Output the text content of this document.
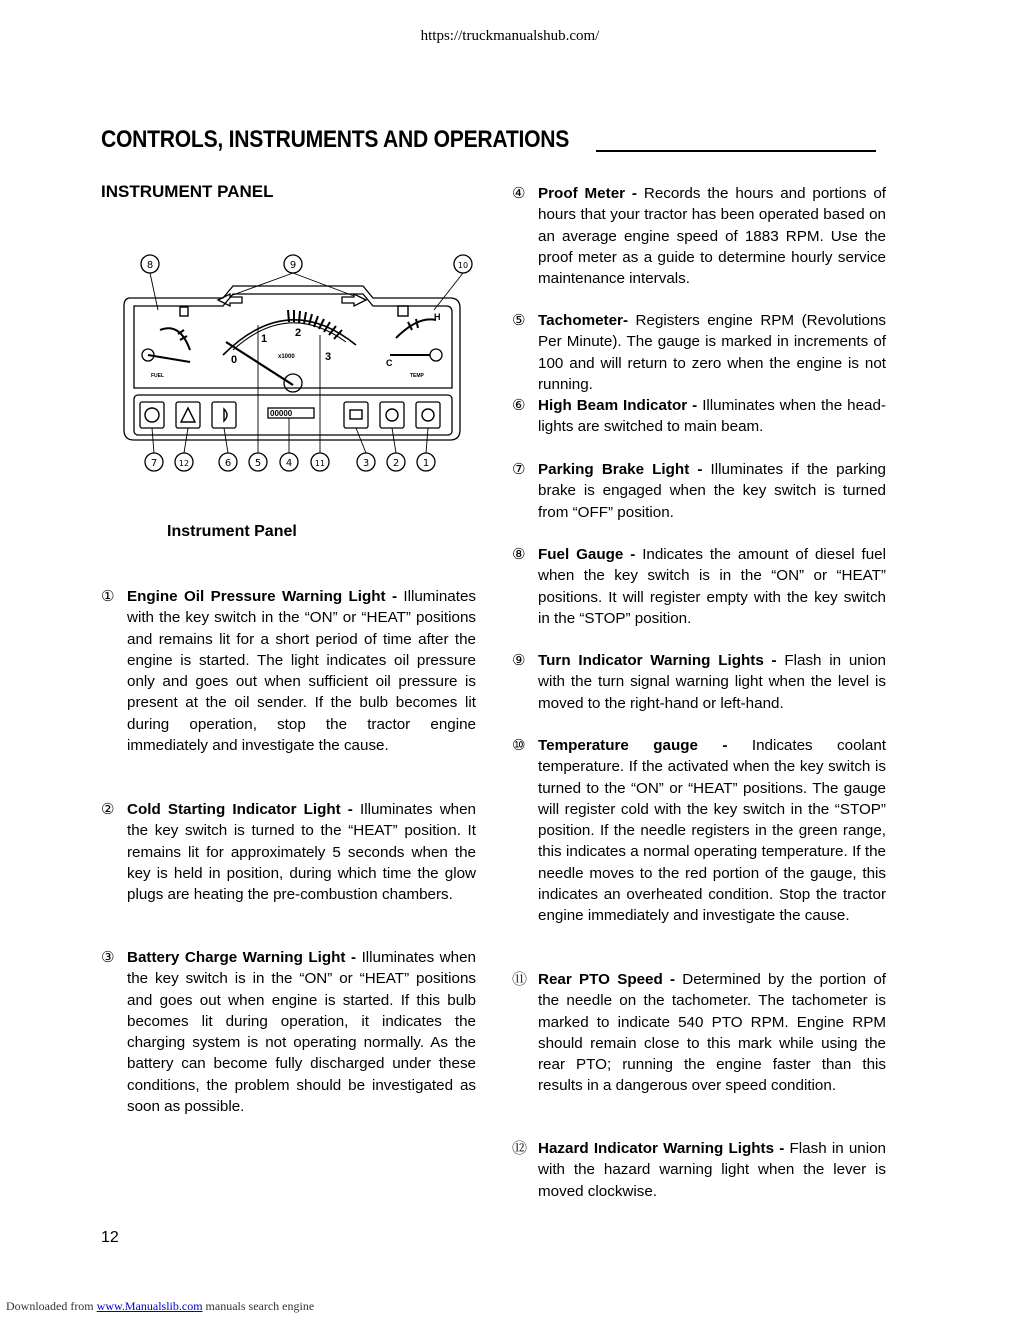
https://truckmanualshub.com/
CONTROLS, INSTRUMENTS AND OPERATIONS
INSTRUMENT PANEL
0
1	2
3
x1000
FUEL	TEMP
H
C
00000
8	9	10
7	12	6 5 4	11	3 2 1
Instrument Panel
① Engine Oil Pressure Warning Light - Illuminates with the key switch in the “ON” or “HEAT” positions and remains lit for a short period of time after the engine is started. The light indicates oil pressure only and goes out when sufficient oil pressure is present at the oil sender. If the bulb becomes lit during operation, stop the tractor engine immediately and investigate the cause.
② Cold Starting Indicator Light - Illuminates when the key switch is turned to the “HEAT” position. It remains lit for approximately 5 seconds when the key is held in position, during which time the glow plugs are heating the pre-combustion chambers.
③ Battery Charge Warning Light - Illuminates when the key switch is in the “ON” or “HEAT” positions and goes out when engine is started. If this bulb becomes lit during operation, it indicates the charging system is not operating normally. As the battery can become fully discharged under these conditions, the problem should be investigated as soon as possible.
④ Proof Meter - Records the hours and portions of hours that your tractor has been operated based on an average engine speed of 1883 RPM. Use the proof meter as a guide to determine hourly service maintenance intervals.
⑤ Tachometer- Registers engine RPM (Revolutions Per Minute). The gauge is marked in increments of 100 and will return to zero when the engine is not running.
⑥ High Beam Indicator - Illuminates when the head-lights are switched to main beam.
⑦ Parking Brake Light - Illuminates if the parking brake is engaged when the key switch is turned from “OFF” position.
⑧ Fuel Gauge - Indicates the amount of diesel fuel when the key switch is in the “ON” or “HEAT” positions. It will register empty with the key switch in the “STOP” position.
⑨ Turn Indicator Warning Lights - Flash in union with the turn signal warning light when the level is moved to the right-hand or left-hand.
⑩ Temperature gauge - Indicates coolant temperature. If the activated when the key switch is turned to the “ON” or “HEAT” positions. The gauge will register cold with the key switch in the “STOP” position. If the needle registers in the green range, this indicates a normal operating temperature. If the needle moves to the red portion of the gauge, this indicates an overheated condition. Stop the tractor engine immediately and investigate the cause.
⑪ Rear PTO Speed - Determined by the portion of the needle on the tachometer. The tachometer is marked to indicate 540 PTO RPM. Engine RPM should remain close to this mark while using the rear PTO; running the engine faster than this results in a dangerous over speed condition.
⑫ Hazard Indicator Warning Lights - Flash in union with the hazard warning light when the lever is moved clockwise.
12
Downloaded from www.Manualslib.com manuals search engine
